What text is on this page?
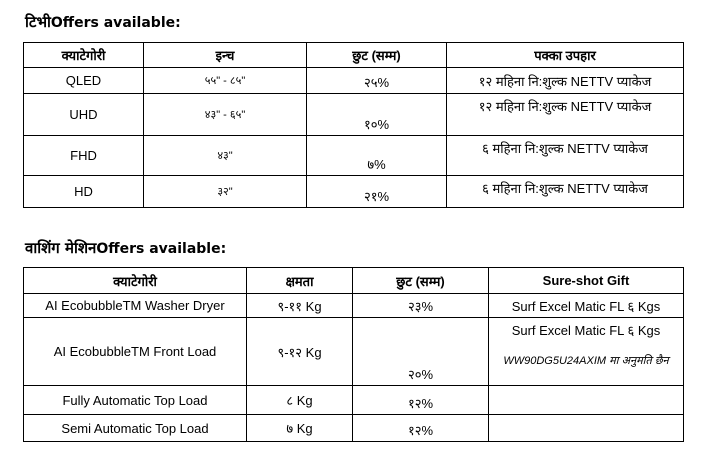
टिभीOffers available:
क्याटेगोरी	इन्च	छुट (सम्म)	पक्का उपहार
QLED	५५" - ८५"	२५%	१२ महिना नि:शुल्क NETTV प्याकेज
UHD	४३" - ६५"	१०%	१२ महिना नि:शुल्क NETTV प्याकेज
FHD	४३"	७%	६ महिना नि:शुल्क NETTV प्याकेज
HD	३२"	२१%	६ महिना नि:शुल्क NETTV प्याकेज
वाशिंग मेशिनOffers available:
क्याटेगोरी	क्षमता	छुट (सम्म)	Sure-shot Gift
AI EcobubbleTM Washer Dryer	९-११ Kg	२३%	Surf Excel Matic FL ६ Kgs
AI EcobubbleTM Front Load	९-१२ Kg	२०%	Surf Excel Matic FL ६ Kgs
WW90DG5U24AXIM मा अनुमति छैन

Fully Automatic Top Load	८ Kg	१२%	
Semi Automatic Top Load	७ Kg	१२%	
